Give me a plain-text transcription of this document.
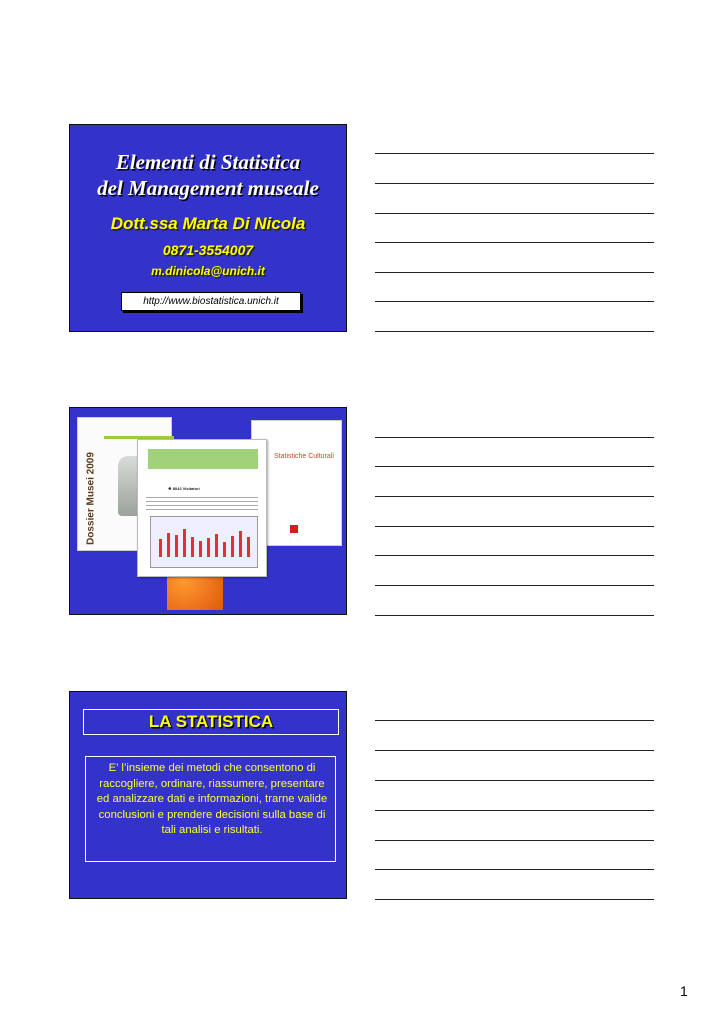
Elementi di Statistica
del Management museale
Dott.ssa Marta Di Nicola
0871-3554007
m.dinicola@unich.it
http://www.biostatistica.unich.it
Dossier Musei 2009	Statistiche Culturali
❖ 8043 Visitatori
LA STATISTICA
E’ l’insieme dei metodi che consentono di raccogliere, ordinare, riassumere, presentare ed analizzare dati e informazioni, trarne valide conclusioni e prendere decisioni sulla base di tali analisi e risultati.
1
